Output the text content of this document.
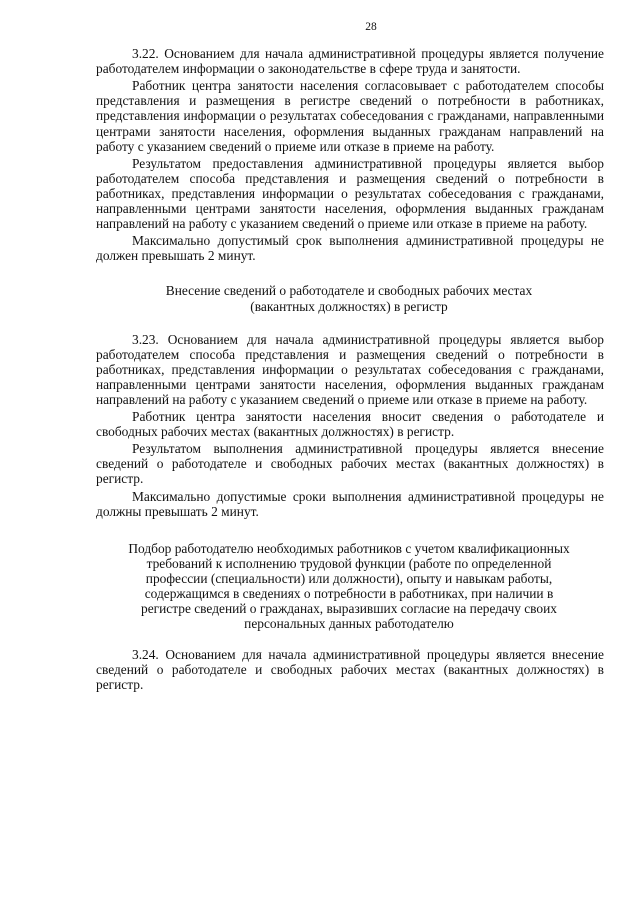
28

3.22. Основанием для начала административной процедуры является получение работодателем информации о законодательстве в сфере труда и занятости.

Работник центра занятости населения согласовывает с работодателем способы представления и размещения в регистре сведений о потребности в работниках, представления информации о результатах собеседования с гражданами, направленными центрами занятости населения, оформления выданных гражданам направлений на работу с указанием сведений о приеме или отказе в приеме на работу.

Результатом предоставления административной процедуры является выбор работодателем способа представления и размещения сведений о потребности в работниках, представления информации о результатах собеседования с гражданами, направленными центрами занятости населения, оформления выданных гражданам направлений на работу с указанием сведений о приеме или отказе в приеме на работу.

Максимально допустимый срок выполнения административной процедуры не должен превышать 2 минут.

Внесение сведений о работодателе и свободных рабочих местах
(вакантных должностях) в регистр

3.23. Основанием для начала административной процедуры является выбор работодателем способа представления и размещения сведений о потребности в работниках, представления информации о результатах собеседования с гражданами, направленными центрами занятости населения, оформления выданных гражданам направлений на работу с указанием сведений о приеме или отказе в приеме на работу.

Работник центра занятости населения вносит сведения о работодателе и свободных рабочих местах (вакантных должностях) в регистр.

Результатом выполнения административной процедуры является внесение сведений о работодателе и свободных рабочих местах (вакантных должностях) в регистр.

Максимально допустимые сроки выполнения административной процедуры не должны превышать 2 минут.

Подбор работодателю необходимых работников с учетом квалификационных
требований к исполнению трудовой функции (работе по определенной
профессии (специальности) или должности), опыту и навыкам работы,
содержащимся в сведениях о потребности в работниках, при наличии в
регистре сведений о гражданах, выразивших согласие на передачу своих
персональных данных работодателю

3.24. Основанием для начала административной процедуры является внесение сведений о работодателе и свободных рабочих местах (вакантных должностях) в регистр.
